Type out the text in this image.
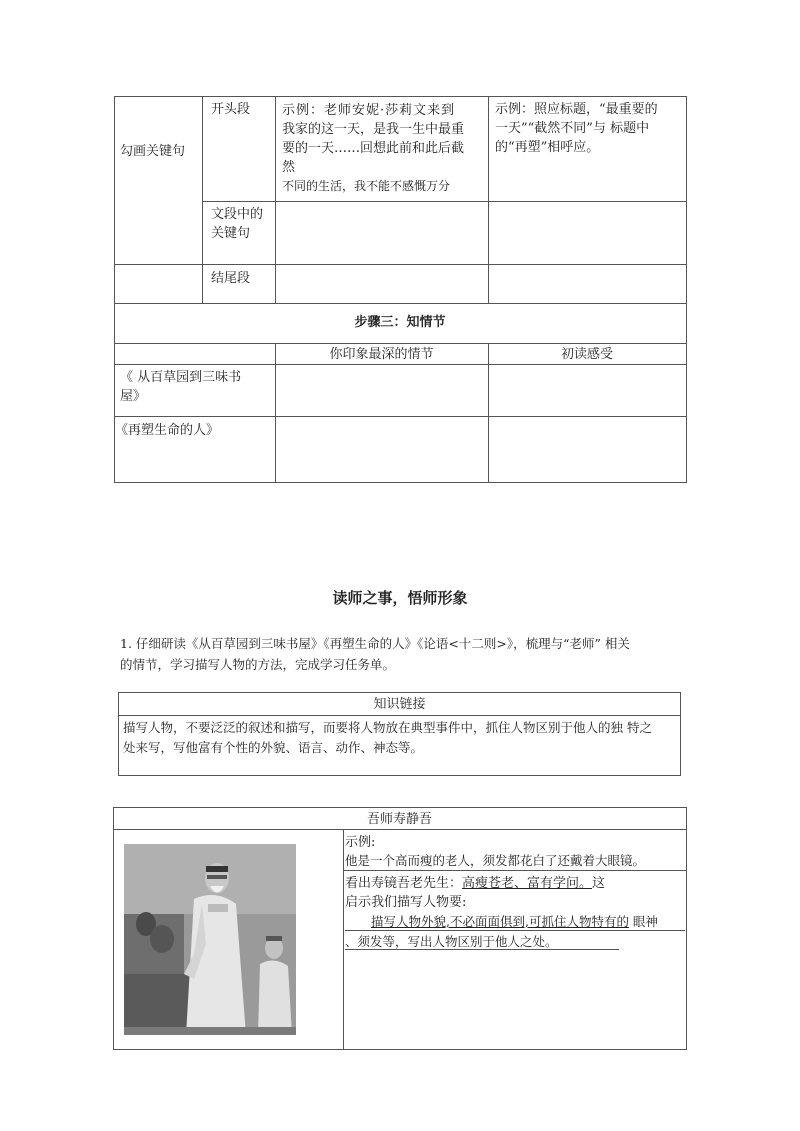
勾画关键句
开头段 示例：老师安妮·莎莉文来到
我家的这一天，是我一生中最重
要的一天……回想此前和此后截
然
不同的生活，我不能不感慨万分
示例：照应标题，“最重要的
一天”“截然不同”与 标题中
的“再塑”相呼应。
文段中的
关键句
结尾段
步骤三：知情节
你印象最深的情节	初读感受
《 从百草园到三味书
屋》
《再塑生命的人》
读师之事，悟师形象
1. 仔细研读《从百草园到三味书屋》《再塑生命的人》《论语<十二则>》，梳理与“老师” 相关
的情节，学习描写人物的方法，完成学习任务单。
知识链接
描写人物，不要泛泛的叙述和描写，而要将人物放在典型事件中，抓住人物区别于他人的独 特之
处来写，写他富有个性的外貌、语言、动作、神态等。
吾师寿静吾
示例:
他是一个高而瘦的老人，须发都花白了还戴着大眼镜。
看出寿镜吾老先生：高瘦苍老、富有学问。这
启示我们描写人物要:
描写人物外貌,不必面面俱到,可抓住人物特有的 眼神
、须发等，写出人物区别于他人之处。
